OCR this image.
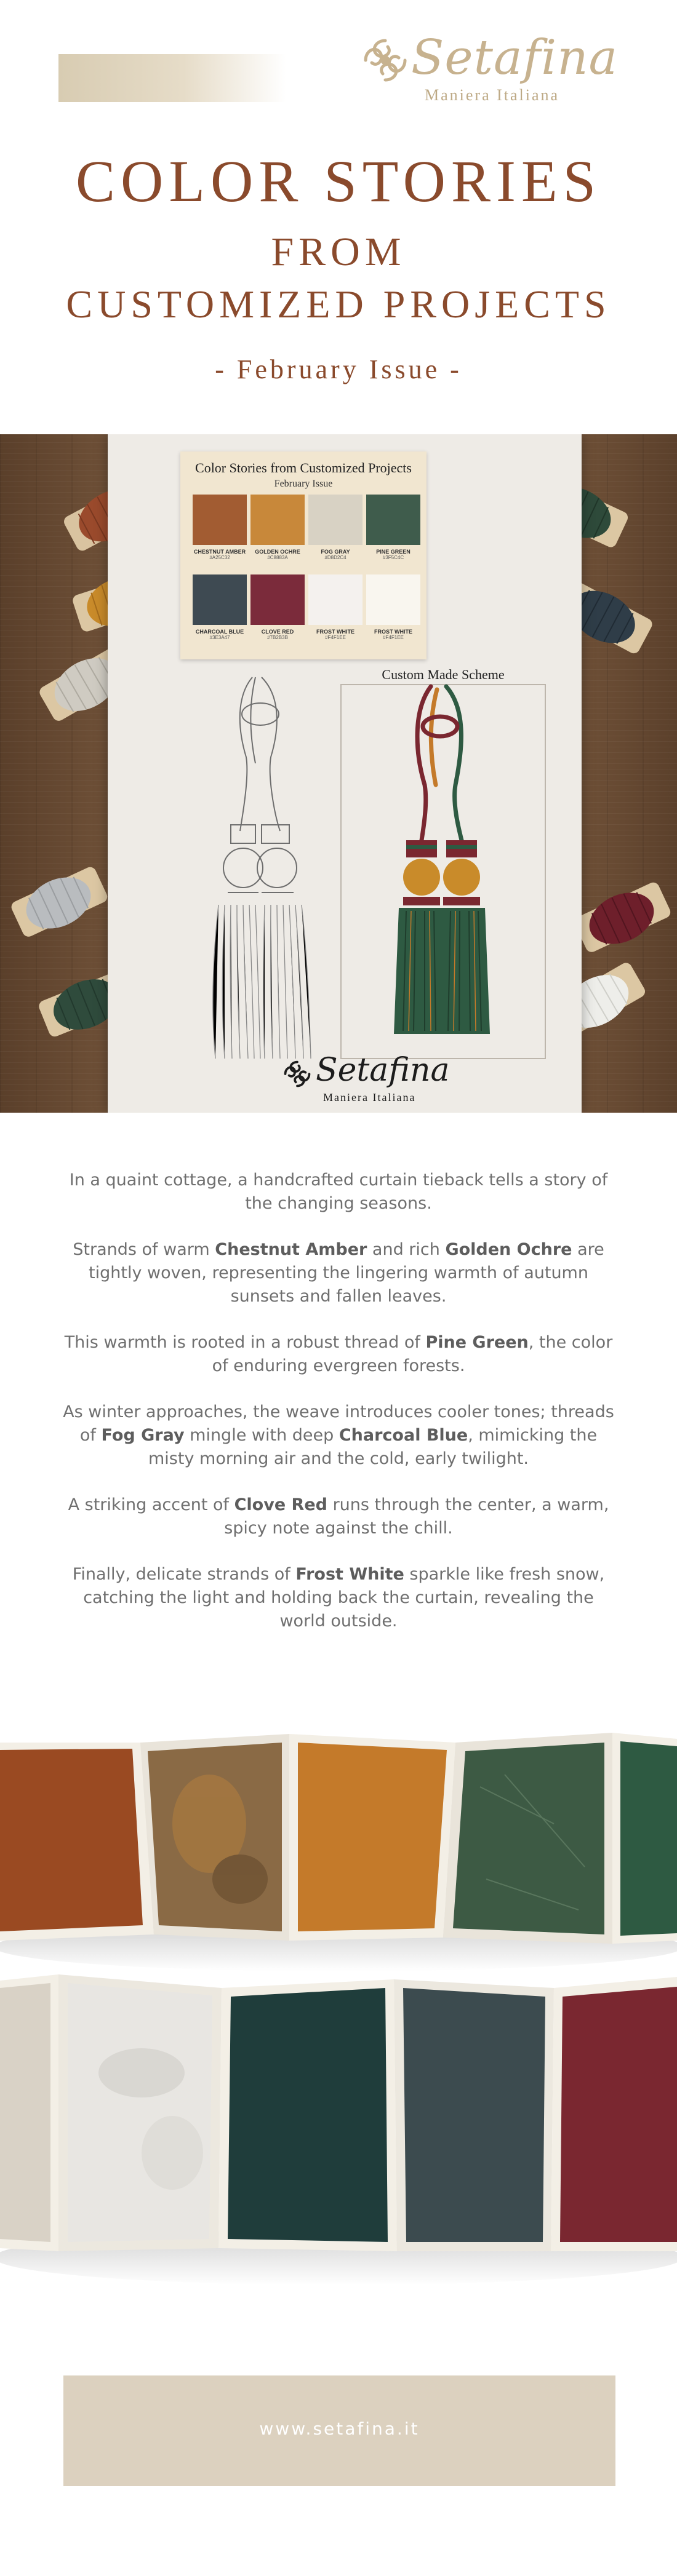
Setafina
Maniera Italiana
COLOR STORIES
FROM
CUSTOMIZED PROJECTS
- February Issue -
Color Stories from Customized Projects
February Issue
CHESTNUT AMBER
#A25C32
GOLDEN OCHRE
#C8883A
FOG GRAY
#D8D2C4
PINE GREEN
#3F5C4C
CHARCOAL BLUE
#3E3A47
CLOVE RED
#7B2B3B
FROST WHITE
#F4F1EE
FROST WHITE
#F4F1EE
Custom Made Scheme
Setafina
Maniera Italiana

In a quaint cottage, a handcrafted curtain tieback tells a story of the changing seasons.

Strands of warm Chestnut Amber and rich Golden Ochre are tightly woven, representing the lingering warmth of autumn sunsets and fallen leaves.

This warmth is rooted in a robust thread of Pine Green, the color of enduring evergreen forests.

As winter approaches, the weave introduces cooler tones; threads of Fog Gray mingle with deep Charcoal Blue, mimicking the misty morning air and the cold, early twilight.

A striking accent of Clove Red runs through the center, a warm, spicy note against the chill.

Finally, delicate strands of Frost White sparkle like fresh snow, catching the light and holding back the curtain, revealing the world outside.

www.setafina.it
